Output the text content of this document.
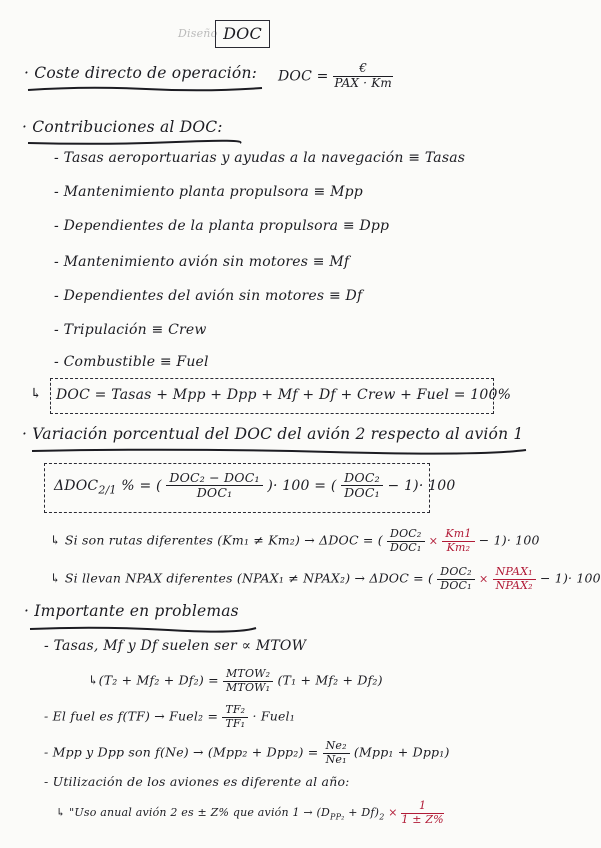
Diseño DOC
· Coste directo de operación: DOC = $\frac{€}{\text{PAX · Km}}$
· Contribuciones al DOC:
- Tasas aeroportuarias y ayudas a la navegación ≡ Tasas
- Mantenimiento planta propulsora ≡ Mpp
- Dependientes de la planta propulsora ≡ Dpp
- Mantenimiento avión sin motores ≡ Mf
- Dependientes del avión sin motores ≡ Df
- Tripulación ≡ Crew
- Combustible ≡ Fuel
↳ DOC = Tasas + Mpp + Dpp + Mf + Df + Crew + Fuel = 100%
· Variación porcentual del DOC del avión 2 respecto al avión 1
$\Delta DOC_{2/1}$ % = ( $\frac{\text{DOC₂ − DOC₁}}{\text{DOC₁}}$ )· 100 = ( $\frac{\text{DOC₂}}{\text{DOC₁}} - 1)\cdot 100$
↳ Si son rutas diferentes (Km₁ ≠ Km₂) → ΔDOC = ( $\frac{\text{DOC₂}}{\text{DOC₁}} \times \frac{Km1}{\text{Km₂}} - 1)\cdot 100$
↳ Si llevan NPAX diferentes (NPAX₁ ≠ NPAX₂) → ΔDOC = ( $\frac{\text{DOC₂}}{\text{DOC₁}} \times \frac{\text{NPAX₁}}{\text{NPAX₂}} - 1)\cdot 100$
· Importante en problemas
- Tasas, Mf y Df suelen ser ∝ MTOW
↳(T₂ + $Mf_2 + Df_2) = \frac{\text{MTOW₂}}{\text{MTOW₁}} (T_1 + Mf_2 + Df_2)$
- El fuel es f(TF) → Fuel₂ = $\frac{\text{TF₂}}{\text{TF₁}}$ · Fuel₁
- Mpp y Dpp son $f(Ne) \to (Mpp_2 + Dpp_2) = \frac{\text{Ne₂}}{\text{Ne₁}} (Mpp_1 + Dpp_1)$
- Utilización de los aviones es diferente al año:
↳ "Uso anual avión 2 es ± Z% que avión $1 \to (D_{PP_2} + Df)_2 \times \frac{1}{1 \pm Z\%}$
